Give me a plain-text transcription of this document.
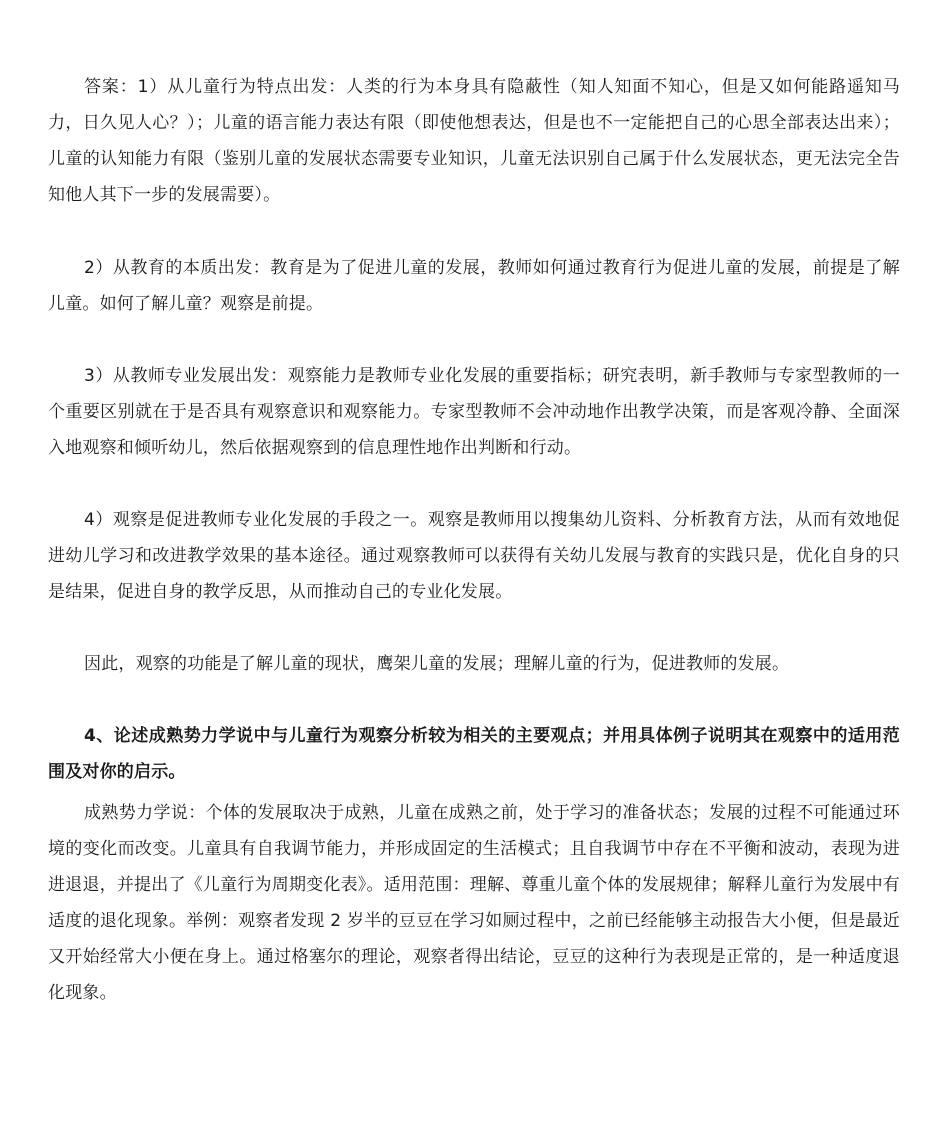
答案：1）从儿童行为特点出发：人类的行为本身具有隐蔽性（知人知面不知心，但是又如何能路遥知马力，日久见人心？）；儿童的语言能力表达有限（即使他想表达，但是也不一定能把自己的心思全部表达出来）；儿童的认知能力有限（鉴别儿童的发展状态需要专业知识，儿童无法识别自己属于什么发展状态，更无法完全告知他人其下一步的发展需要）。

2）从教育的本质出发：教育是为了促进儿童的发展，教师如何通过教育行为促进儿童的发展，前提是了解儿童。如何了解儿童？观察是前提。

3）从教师专业发展出发：观察能力是教师专业化发展的重要指标；研究表明，新手教师与专家型教师的一个重要区别就在于是否具有观察意识和观察能力。专家型教师不会冲动地作出教学决策，而是客观冷静、全面深入地观察和倾听幼儿，然后依据观察到的信息理性地作出判断和行动。

4）观察是促进教师专业化发展的手段之一。观察是教师用以搜集幼儿资料、分析教育方法，从而有效地促进幼儿学习和改进教学效果的基本途径。通过观察教师可以获得有关幼儿发展与教育的实践只是，优化自身的只是结果，促进自身的教学反思，从而推动自己的专业化发展。

因此，观察的功能是了解儿童的现状，鹰架儿童的发展；理解儿童的行为，促进教师的发展。

4、论述成熟势力学说中与儿童行为观察分析较为相关的主要观点；并用具体例子说明其在观察中的适用范围及对你的启示。

成熟势力学说：个体的发展取决于成熟，儿童在成熟之前，处于学习的准备状态；发展的过程不可能通过环境的变化而改变。儿童具有自我调节能力，并形成固定的生活模式；且自我调节中存在不平衡和波动，表现为进进退退，并提出了《儿童行为周期变化表》。适用范围：理解、尊重儿童个体的发展规律；解释儿童行为发展中有适度的退化现象。举例：观察者发现 2 岁半的豆豆在学习如厕过程中，之前已经能够主动报告大小便，但是最近又开始经常大小便在身上。通过格塞尔的理论，观察者得出结论，豆豆的这种行为表现是正常的，是一种适度退化现象。
